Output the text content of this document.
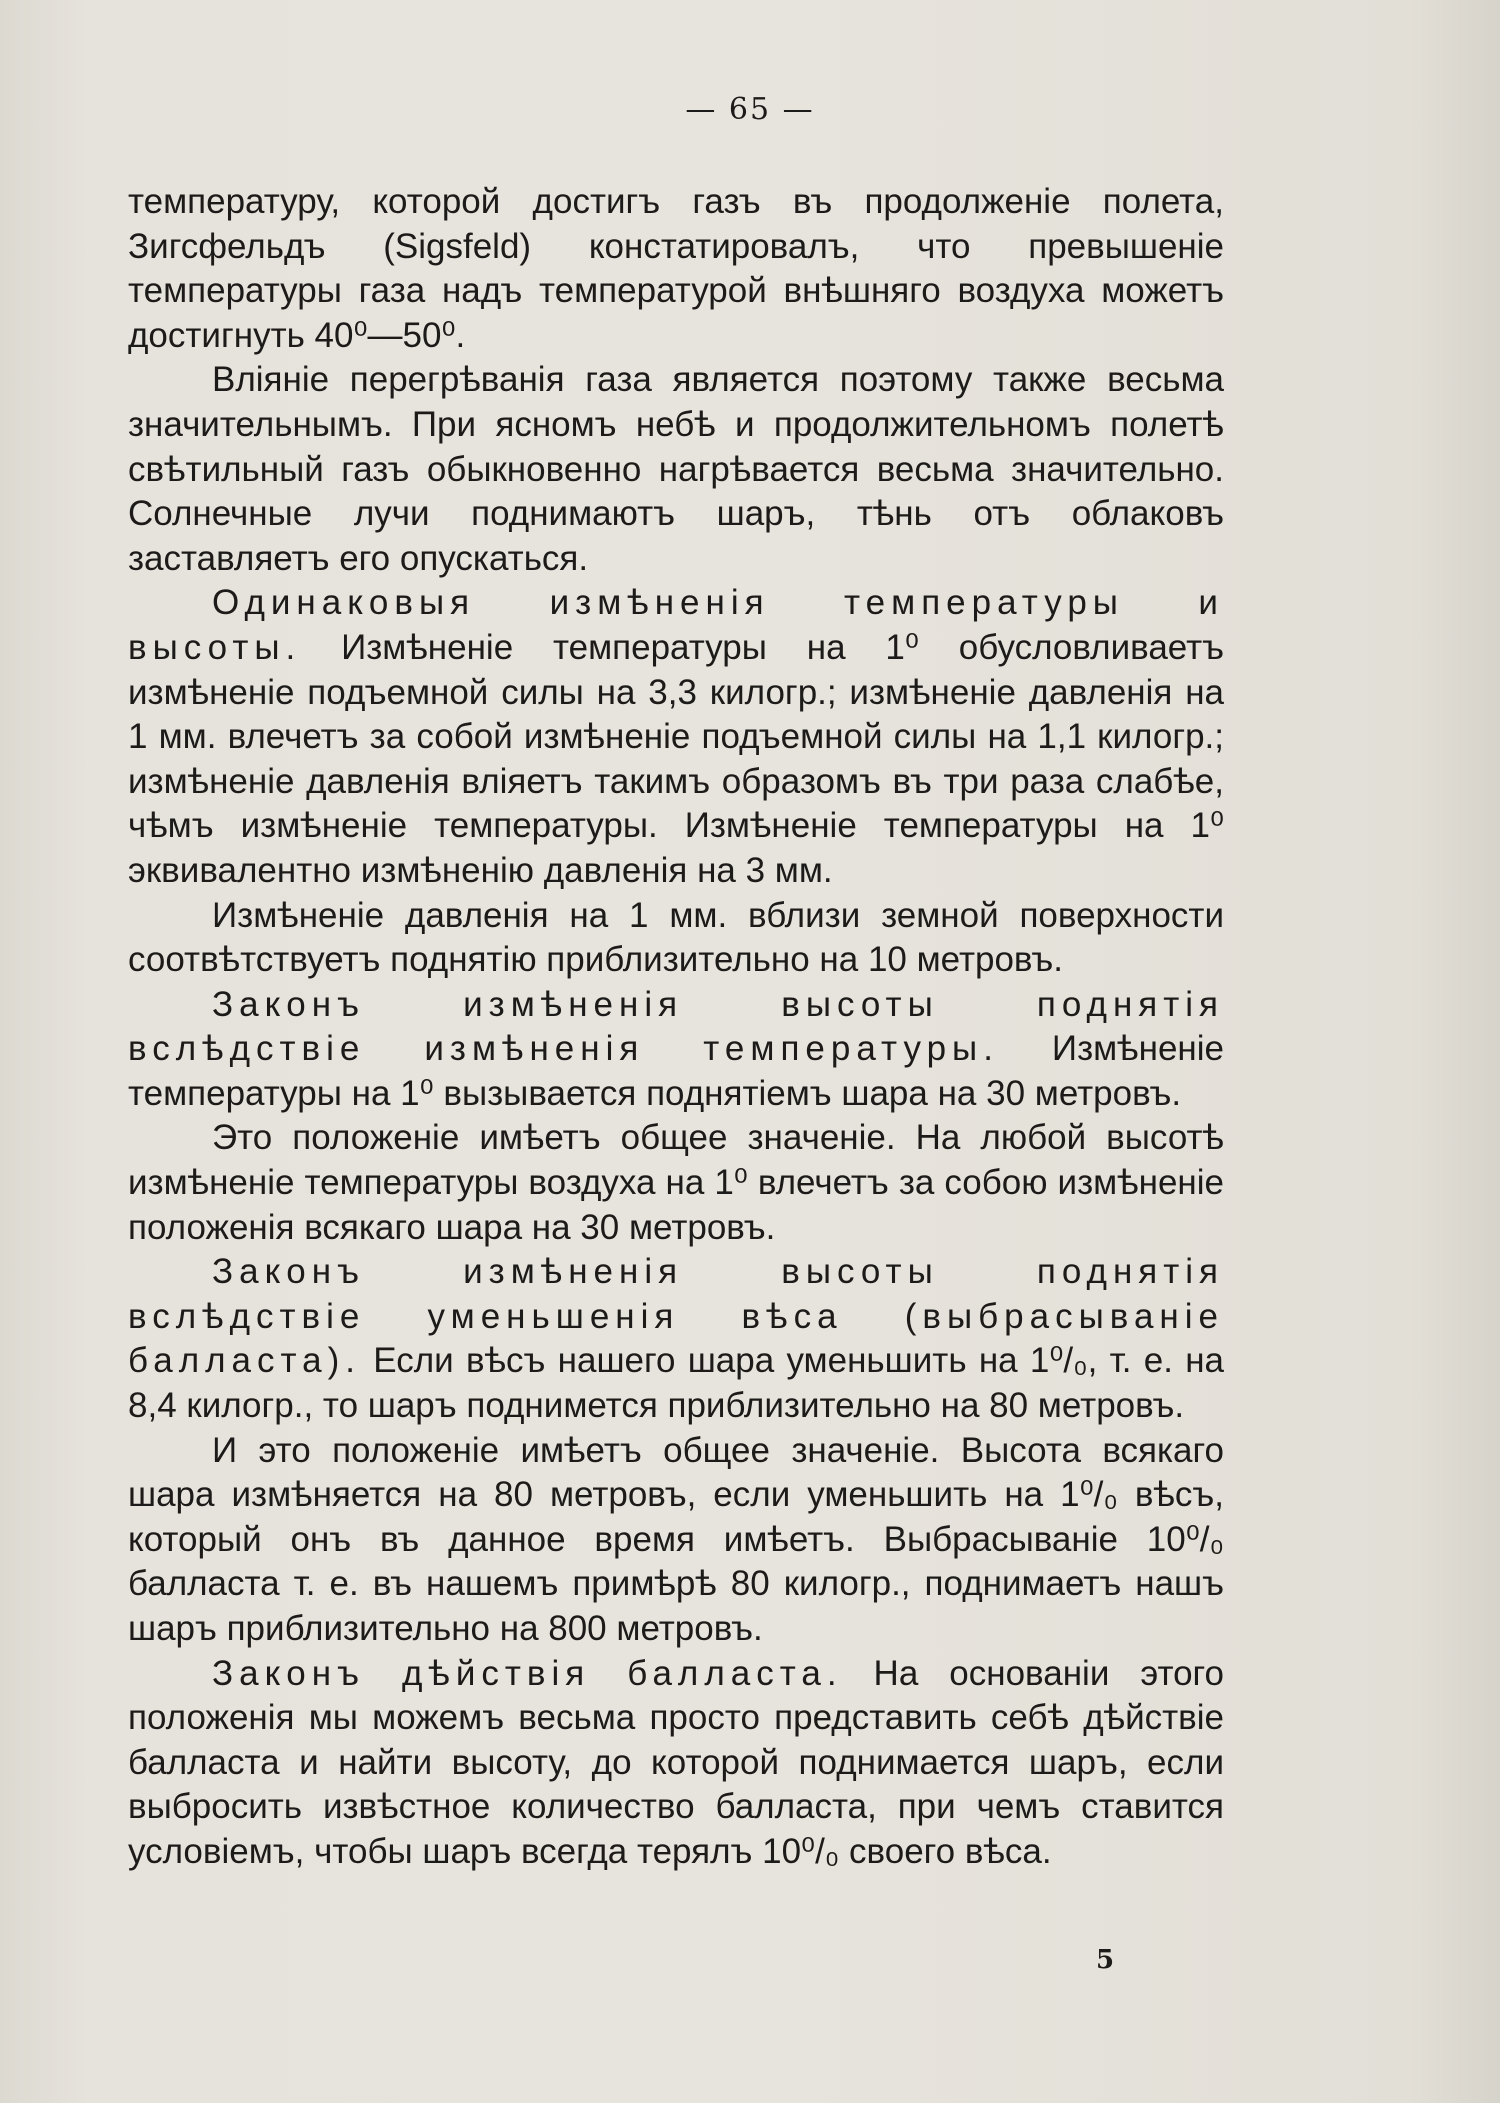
— 65 —

температуру, которой достигъ газъ въ продолженіе полета, Зигсфельдъ (Sigsfeld) констатировалъ, что превышеніе температуры газа надъ температурой внѣшняго воздуха можетъ достигнуть 40⁰—50⁰.

Вліяніе перегрѣванія газа является поэтому также весьма значительнымъ. При ясномъ небѣ и продолжительномъ полетѣ свѣтильный газъ обыкновенно нагрѣвается весьма значительно. Солнечные лучи поднимаютъ шаръ, тѣнь отъ облаковъ заставляетъ его опускаться.

Одинаковыя измѣненія температуры и высоты. Измѣненіе температуры на 1⁰ обусловливаетъ измѣненіе подъемной силы на 3,3 килогр.; измѣненіе давленія на 1 мм. влечетъ за собой измѣненіе подъемной силы на 1,1 килогр.; измѣненіе давленія вліяетъ такимъ образомъ въ три раза слабѣе, чѣмъ измѣненіе температуры. Измѣненіе температуры на 1⁰ эквивалентно измѣненію давленія на 3 мм.

Измѣненіе давленія на 1 мм. вблизи земной поверхности соотвѣтствуетъ поднятію приблизительно на 10 метровъ.

Законъ измѣненія высоты поднятія вслѣдствіе измѣненія температуры. Измѣненіе температуры на 1⁰ вызывается поднятіемъ шара на 30 метровъ.

Это положеніе имѣетъ общее значеніе. На любой высотѣ измѣненіе температуры воздуха на 1⁰ влечетъ за собою измѣненіе положенія всякаго шара на 30 метровъ.

Законъ измѣненія высоты поднятія вслѣдствіе уменьшенія вѣса (выбрасываніе балласта). Если вѣсъ нашего шара уменьшить на 1⁰/₀, т. е. на 8,4 килогр., то шаръ поднимется приблизительно на 80 метровъ.

И это положеніе имѣетъ общее значеніе. Высота всякаго шара измѣняется на 80 метровъ, если уменьшить на 1⁰/₀ вѣсъ, который онъ въ данное время имѣетъ. Выбрасываніе 10⁰/₀ балласта т. е. въ нашемъ примѣрѣ 80 килогр., поднимаетъ нашъ шаръ приблизительно на 800 метровъ.

Законъ дѣйствія балласта. На основаніи этого положенія мы можемъ весьма просто представить себѣ дѣйствіе балласта и найти высоту, до которой поднимается шаръ, если выбросить извѣстное количество балласта, при чемъ ставится условіемъ, чтобы шаръ всегда терялъ 10⁰/₀ своего вѣса.

5
